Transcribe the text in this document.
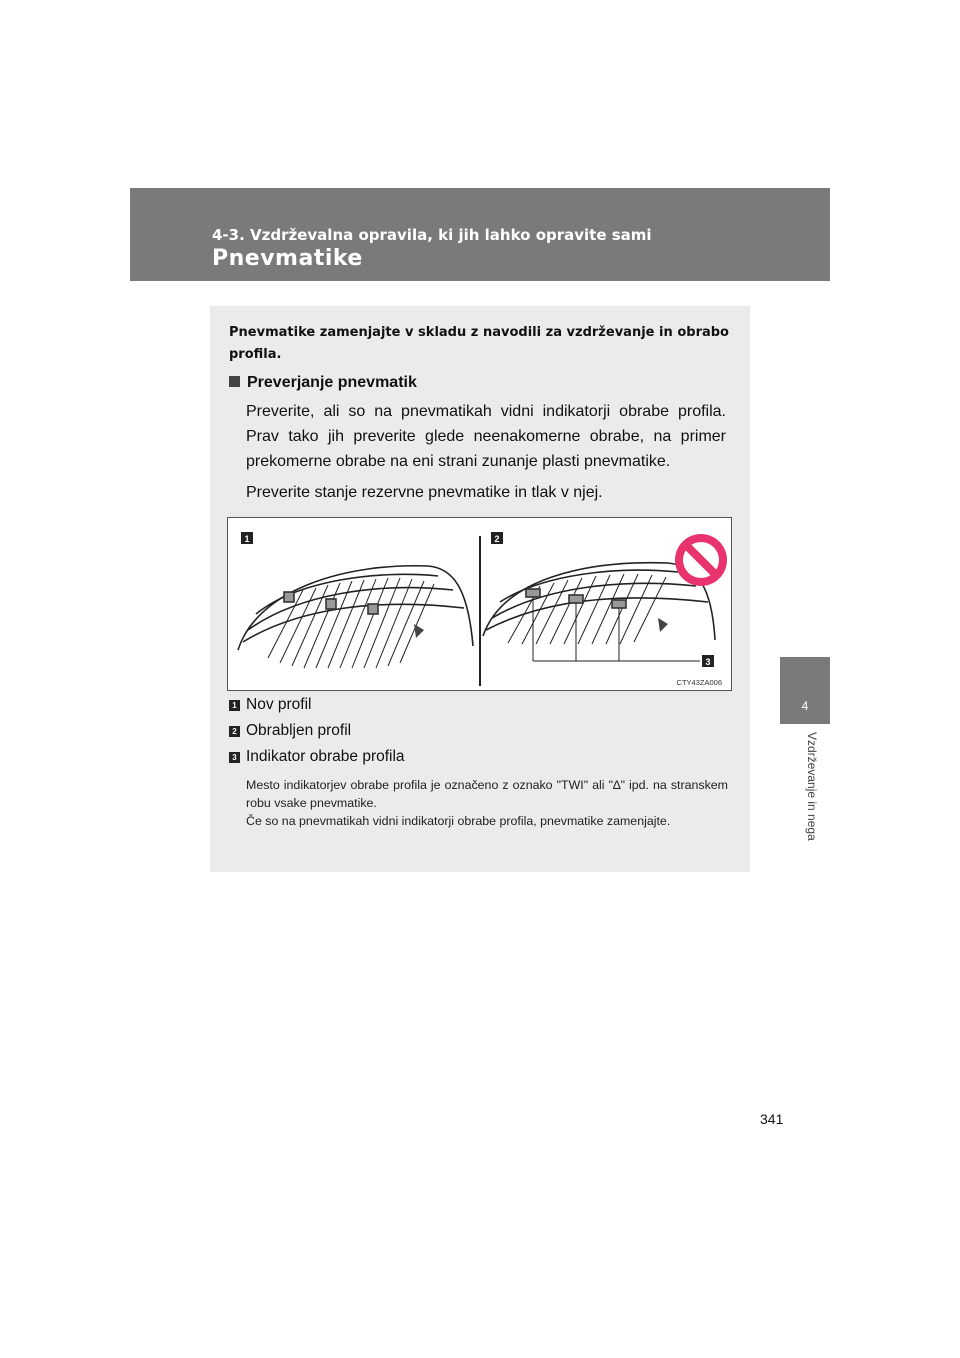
4-3. Vzdrževalna opravila, ki jih lahko opravite sami

Pnevmatike
4
Vzdrževanje in nega

Pnevmatike zamenjajte v skladu z navodili za vzdrževanje in obrabo profila.

Preverjanje pnevmatik

Preverite, ali so na pnevmatikah vidni indikatorji obrabe profila. Prav tako jih preverite glede neenakomerne obrabe, na primer prekomerne obrabe na eni strani zunanje plasti pnevmatike.

Preverite stanje rezervne pnevmatike in tlak v njej.

1	2
3
CTY43ZA006
1 Nov profil
2 Obrabljen profil
3 Indikator obrabe profila

Mesto indikatorjev obrabe profila je označeno z oznako "TWI" ali "∆" ipd. na stranskem robu vsake pnevmatike.

Če so na pnevmatikah vidni indikatorji obrabe profila, pnevmatike zamenjajte.

341
